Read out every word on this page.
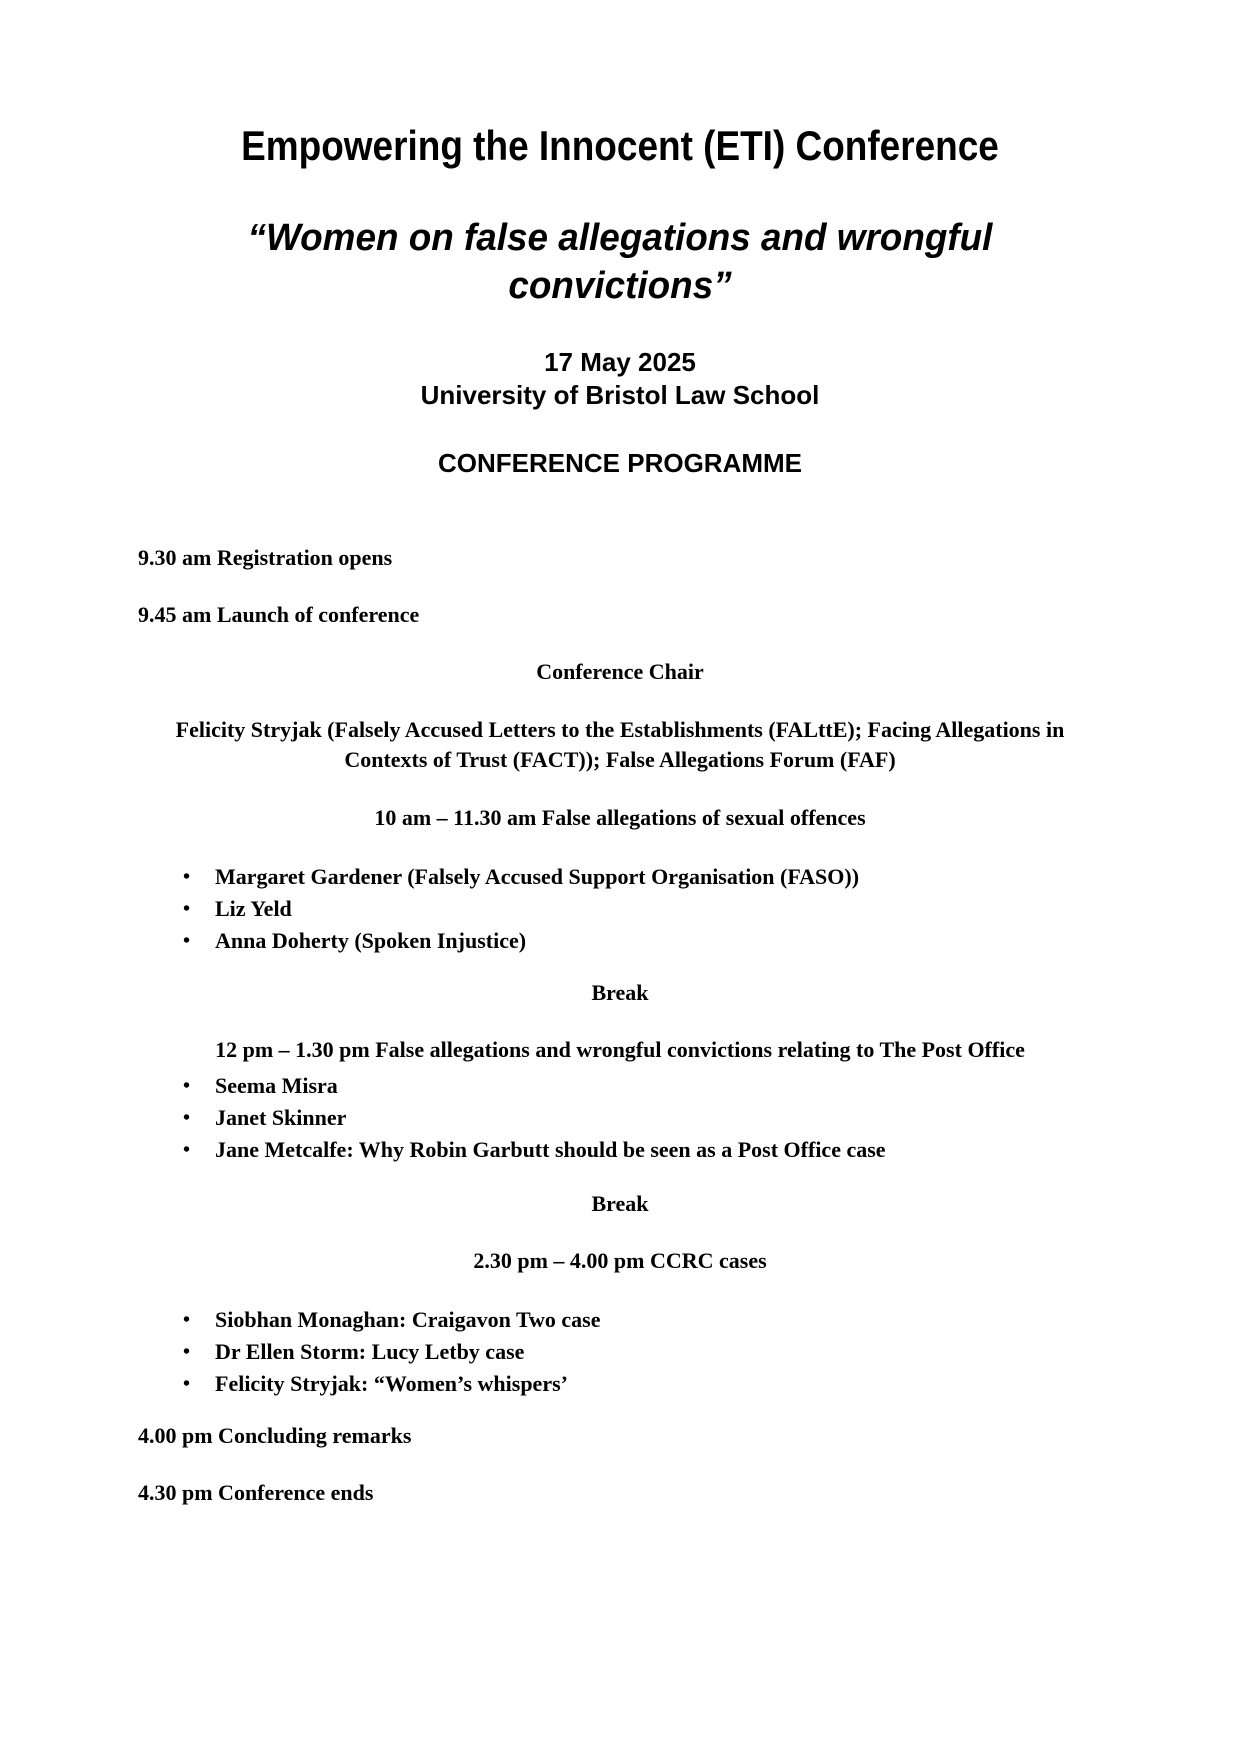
Empowering the Innocent (ETI) Conference
“Women on false allegations and wrongful convictions”

17 May 2025

University of Bristol Law School

CONFERENCE PROGRAMME

9.30 am Registration opens

9.45 am Launch of conference

Conference Chair

Felicity Stryjak (Falsely Accused Letters to the Establishments (FALttE); Facing Allegations in Contexts of Trust (FACT)); False Allegations Forum (FAF)

10 am – 11.30 am False allegations of sexual offences

•	Margaret Gardener (Falsely Accused Support Organisation (FASO))
•	Liz Yeld
•	Anna Doherty (Spoken Injustice)

Break

12 pm – 1.30 pm False allegations and wrongful convictions relating to The Post Office

•	Seema Misra
•	Janet Skinner
•	Jane Metcalfe: Why Robin Garbutt should be seen as a Post Office case

Break

2.30 pm – 4.00 pm CCRC cases

•	Siobhan Monaghan: Craigavon Two case
•	Dr Ellen Storm: Lucy Letby case
•	Felicity Stryjak: “Women’s whispers’

4.00 pm Concluding remarks

4.30 pm Conference ends
